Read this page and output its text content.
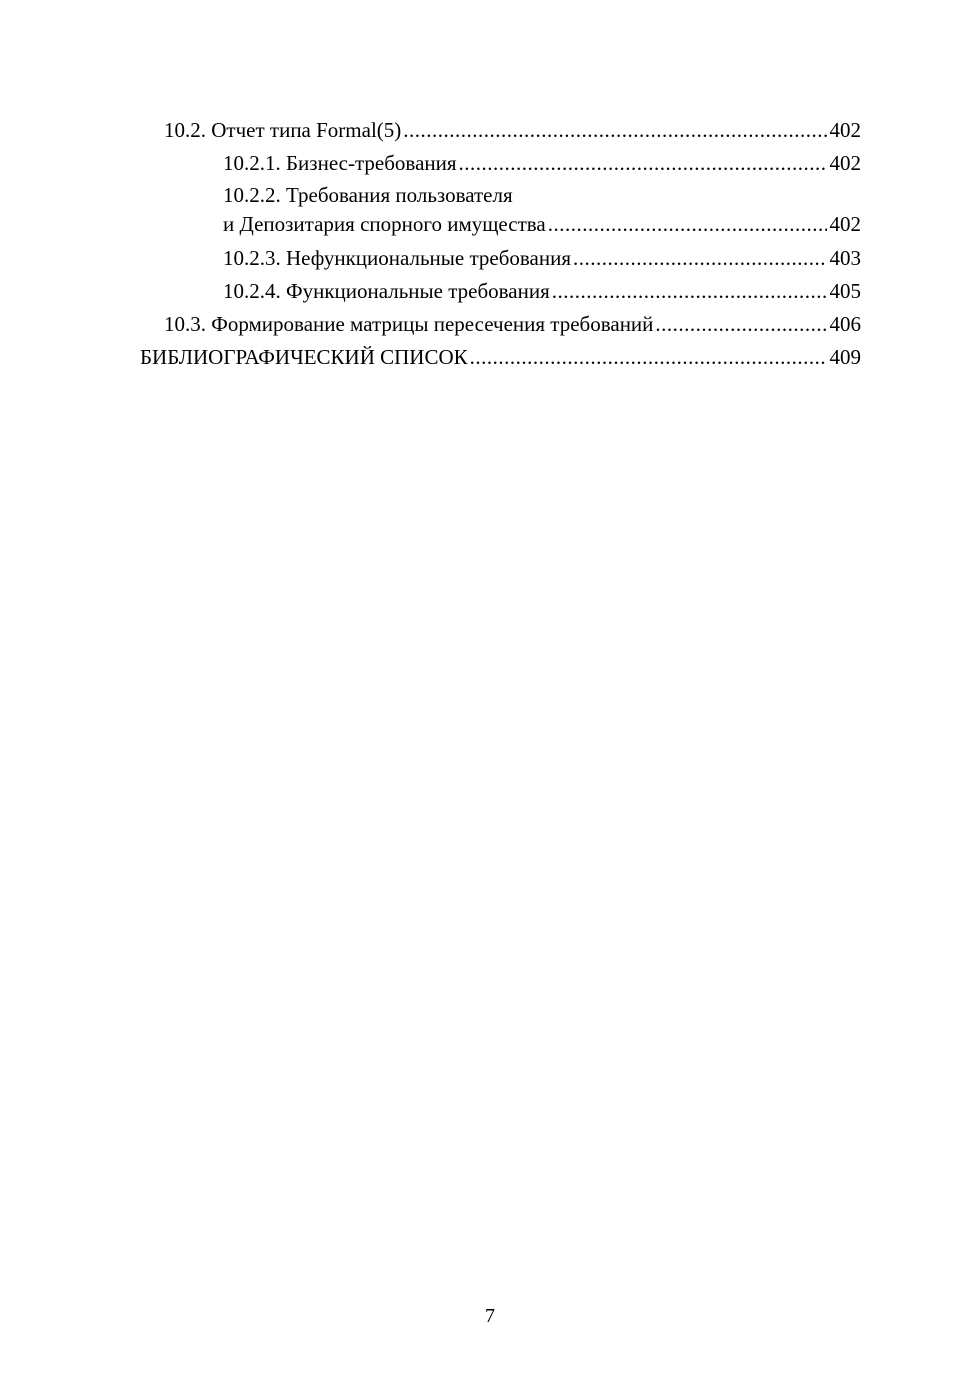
10.2. Отчет типа Formal(5) .....	402
10.2.1. Бизнес-требования .....	402
10.2.2. Требования пользователя
и Депозитария спорного имущества .....	402
10.2.3. Нефункциональные требования .....	403
10.2.4. Функциональные требования .....	405
10.3. Формирование матрицы пересечения требований .....	406
БИБЛИОГРАФИЧЕСКИЙ СПИСОК .....	409
7
